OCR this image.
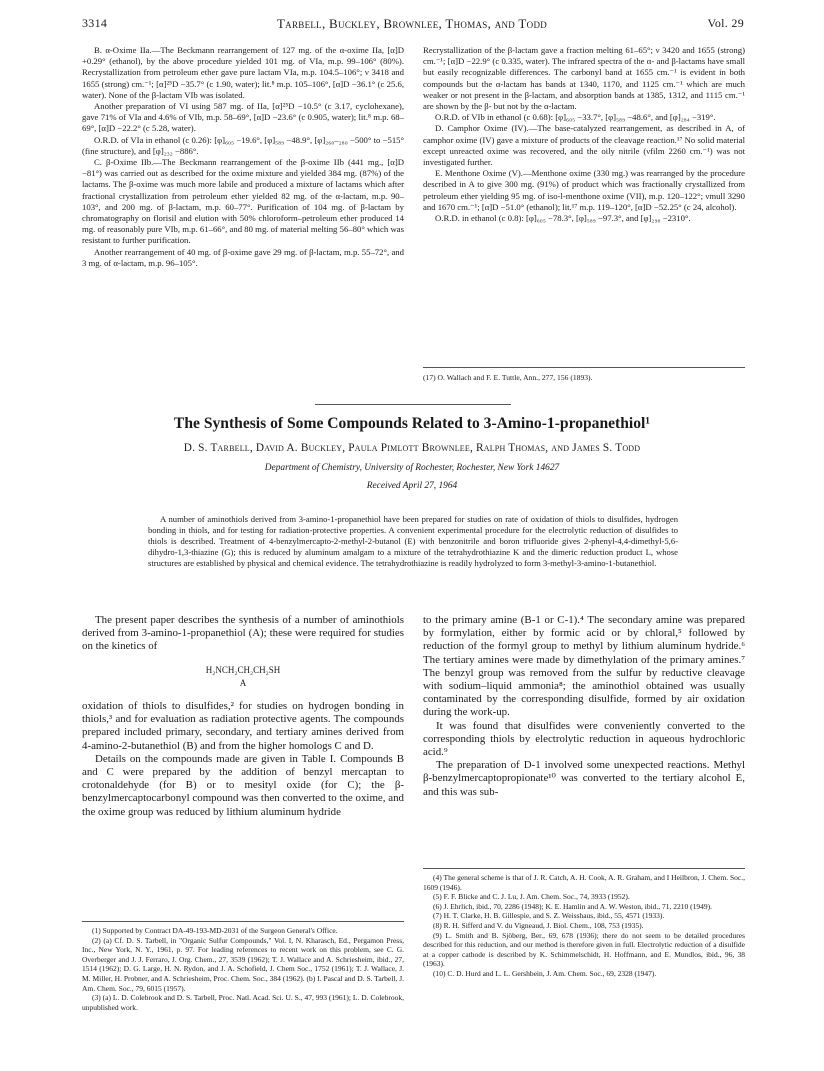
3314	Tarbell, Buckley, Brownlee, Thomas, and Todd	Vol. 29

B. α-Oxime IIa.—The Beckmann rearrangement of 127 mg. of the α-oxime IIa, [α]D +0.29° (ethanol), by the above procedure yielded 101 mg. of VIa, m.p. 99–106° (80%). Recrystallization from petroleum ether gave pure lactam VIa, m.p. 104.5–106°; ν 3418 and 1655 (strong) cm.⁻¹; [α]²⁵D −35.7° (c 1.90, water); lit.⁸ m.p. 105–106°, [α]D −36.1° (c 25.6, water). None of the β-lactam VIb was isolated.

Another preparation of VI using 587 mg. of IIa, [α]²⁵D −10.5° (c 3.17, cyclohexane), gave 71% of VIa and 4.6% of VIb, m.p. 58–69°, [α]D −23.6° (c 0.905, water); lit.⁸ m.p. 68–69°, [α]D −22.2° (c 5.28, water).

O.R.D. of VIa in ethanol (c 0.26): [φ]₆₀₅ −19.6°, [φ]₅₈₉ −48.9°, [φ]₂₆₀–₂₈₀ −500° to −515° (fine structure), and [φ]₂₃₂ −886°.

C. β-Oxime IIb.—The Beckmann rearrangement of the β-oxime IIb (441 mg., [α]D −81°) was carried out as described for the oxime mixture and yielded 384 mg. (87%) of the lactams. The β-oxime was much more labile and produced a mixture of lactams which after fractional crystallization from petroleum ether yielded 82 mg. of the α-lactam, m.p. 90–103°, and 200 mg. of β-lactam, m.p. 60–77°. Purification of 104 mg. of β-lactam by chromatography on florisil and elution with 50% chloroform–petroleum ether produced 14 mg. of reasonably pure VIb, m.p. 61–66°, and 80 mg. of material melting 56–80° which was resistant to further purification.

Another rearrangement of 40 mg. of β-oxime gave 29 mg. of β-lactam, m.p. 55–72°, and 3 mg. of α-lactam, m.p. 96–105°.

Recrystallization of the β-lactam gave a fraction melting 61–65°; ν 3420 and 1655 (strong) cm.⁻¹; [α]D −22.9° (c 0.335, water). The infrared spectra of the α- and β-lactams have small but easily recognizable differences. The carbonyl band at 1655 cm.⁻¹ is evident in both compounds but the α-lactam has bands at 1340, 1170, and 1125 cm.⁻¹ which are much weaker or not present in the β-lactam, and absorption bands at 1385, 1312, and 1115 cm.⁻¹ are shown by the β- but not by the α-lactam.

O.R.D. of VIb in ethanol (c 0.68): [φ]₆₀₅ −33.7°, [φ]₅₈₉ −48.6°, and [φ]₂₈₄ −319°.

D. Camphor Oxime (IV).—The base-catalyzed rearrangement, as described in A, of camphor oxime (IV) gave a mixture of products of the cleavage reaction.¹⁷ No solid material except unreacted oxime was recovered, and the oily nitrile (νfilm 2260 cm.⁻¹) was not investigated further.

E. Menthone Oxime (V).—Menthone oxime (330 mg.) was rearranged by the procedure described in A to give 300 mg. (91%) of product which was fractionally crystallized from petroleum ether yielding 95 mg. of iso-l-menthone oxime (VII), m.p. 120–122°; νmull 3290 and 1670 cm.⁻¹; [α]D −51.0° (ethanol); lit.¹⁷ m.p. 119–120°, [α]D −52.25° (c 24, alcohol).

O.R.D. in ethanol (c 0.8): [φ]₆₀₅ −78.3°, [φ]₅₈₉ −97.3°, and [φ]₂₉₀ −2310°.

(17) O. Wallach and F. E. Tuttle, Ann., 277, 156 (1893).
The Synthesis of Some Compounds Related to 3-Amino-1-propanethiol¹
D. S. Tarbell, David A. Buckley, Paula Pimlott Brownlee, Ralph Thomas, and James S. Todd
Department of Chemistry, University of Rochester, Rochester, New York 14627
Received April 27, 1964
A number of aminothiols derived from 3-amino-1-propanethiol have been prepared for studies on rate of oxidation of thiols to disulfides, hydrogen bonding in thiols, and for testing for radiation-protective properties. A convenient experimental procedure for the electrolytic reduction of disulfides to thiols is described. Treatment of 4-benzylmercapto-2-methyl-2-butanol (E) with benzonitrile and boron trifluoride gives 2-phenyl-4,4-dimethyl-5,6-dihydro-1,3-thiazine (G); this is reduced by aluminum amalgam to a mixture of the tetrahydrothiazine K and the dimeric reduction product L, whose structures are established by physical and chemical evidence. The tetrahydrothiazine is readily hydrolyzed to form 3-methyl-3-amino-1-butanethiol.

The present paper describes the synthesis of a number of aminothiols derived from 3-amino-1-propanethiol (A); these were required for studies on the kinetics of

H₂NCH₂CH₂CH₂SH
A

oxidation of thiols to disulfides,² for studies on hydrogen bonding in thiols,³ and for evaluation as radiation protective agents. The compounds prepared included primary, secondary, and tertiary amines derived from 4-amino-2-butanethiol (B) and from the higher homologs C and D.

Details on the compounds made are given in Table I. Compounds B and C were prepared by the addition of benzyl mercaptan to crotonaldehyde (for B) or to mesityl oxide (for C); the β-benzylmercaptocarbonyl compound was then converted to the oxime, and the oxime group was reduced by lithium aluminum hydride

to the primary amine (B-1 or C-1).⁴ The secondary amine was prepared by formylation, either by formic acid or by chloral,⁵ followed by reduction of the formyl group to methyl by lithium aluminum hydride.⁶ The tertiary amines were made by dimethylation of the primary amines.⁷ The benzyl group was removed from the sulfur by reductive cleavage with sodium–liquid ammonia⁸; the aminothiol obtained was usually contaminated by the corresponding disulfide, formed by air oxidation during the work-up.

It was found that disulfides were conveniently converted to the corresponding thiols by electrolytic reduction in aqueous hydrochloric acid.⁹

The preparation of D-1 involved some unexpected reactions. Methyl β-benzylmercaptopropionate¹⁰ was converted to the tertiary alcohol E, and this was sub-

(1) Supported by Contract DA-49-193-MD-2031 of the Surgeon General's Office.

(2) (a) Cf. D. S. Tarbell, in "Organic Sulfur Compounds," Vol. I, N. Kharasch, Ed., Pergamon Press, Inc., New York, N. Y., 1961, p. 97. For leading references to recent work on this problem, see C. G. Overberger and J. J. Ferraro, J. Org. Chem., 27, 3539 (1962); T. J. Wallace and A. Schriesheim, ibid., 27, 1514 (1962); D. G. Large, H. N. Rydon, and J. A. Schofield, J. Chem Soc., 1752 (1961); T. J. Wallace, J. M. Miller, H. Probner, and A. Schriesheim, Proc. Chem. Soc., 384 (1962). (b) I. Pascal and D. S. Tarbell, J. Am. Chem. Soc., 79, 6015 (1957).

(3) (a) L. D. Colebrook and D. S. Tarbell, Proc. Natl. Acad. Sci. U. S., 47, 993 (1961); L. D. Colebrook, unpublished work.

(4) The general scheme is that of J. R. Catch, A. H. Cook, A. R. Graham, and I Heilbron, J. Chem. Soc., 1609 (1946).

(5) F. F. Blicke and C. J. Lu, J. Am. Chem. Soc., 74, 3933 (1952).

(6) J. Ehrlich, ibid., 70, 2286 (1948); K. E. Hamlin and A. W. Weston, ibid., 71, 2210 (1949).

(7) H. T. Clarke, H. B. Gillespie, and S. Z. Weisshaus, ibid., 55, 4571 (1933).

(8) R. H. Sifferd and V. du Vigneaud, J. Biol. Chem., 108, 753 (1935).

(9) L. Smith and B. Sjöberg, Ber., 69, 678 (1936); there do not seem to be detailed procedures described for this reduction, and our method is therefore given in full. Electrolytic reduction of a disulfide at a copper cathode is described by K. Schimmelschidt, H. Hoffmann, and E. Mundlos, ibid., 96, 38 (1963).

(10) C. D. Hurd and L. L. Gershbein, J. Am. Chem. Soc., 69, 2328 (1947).
